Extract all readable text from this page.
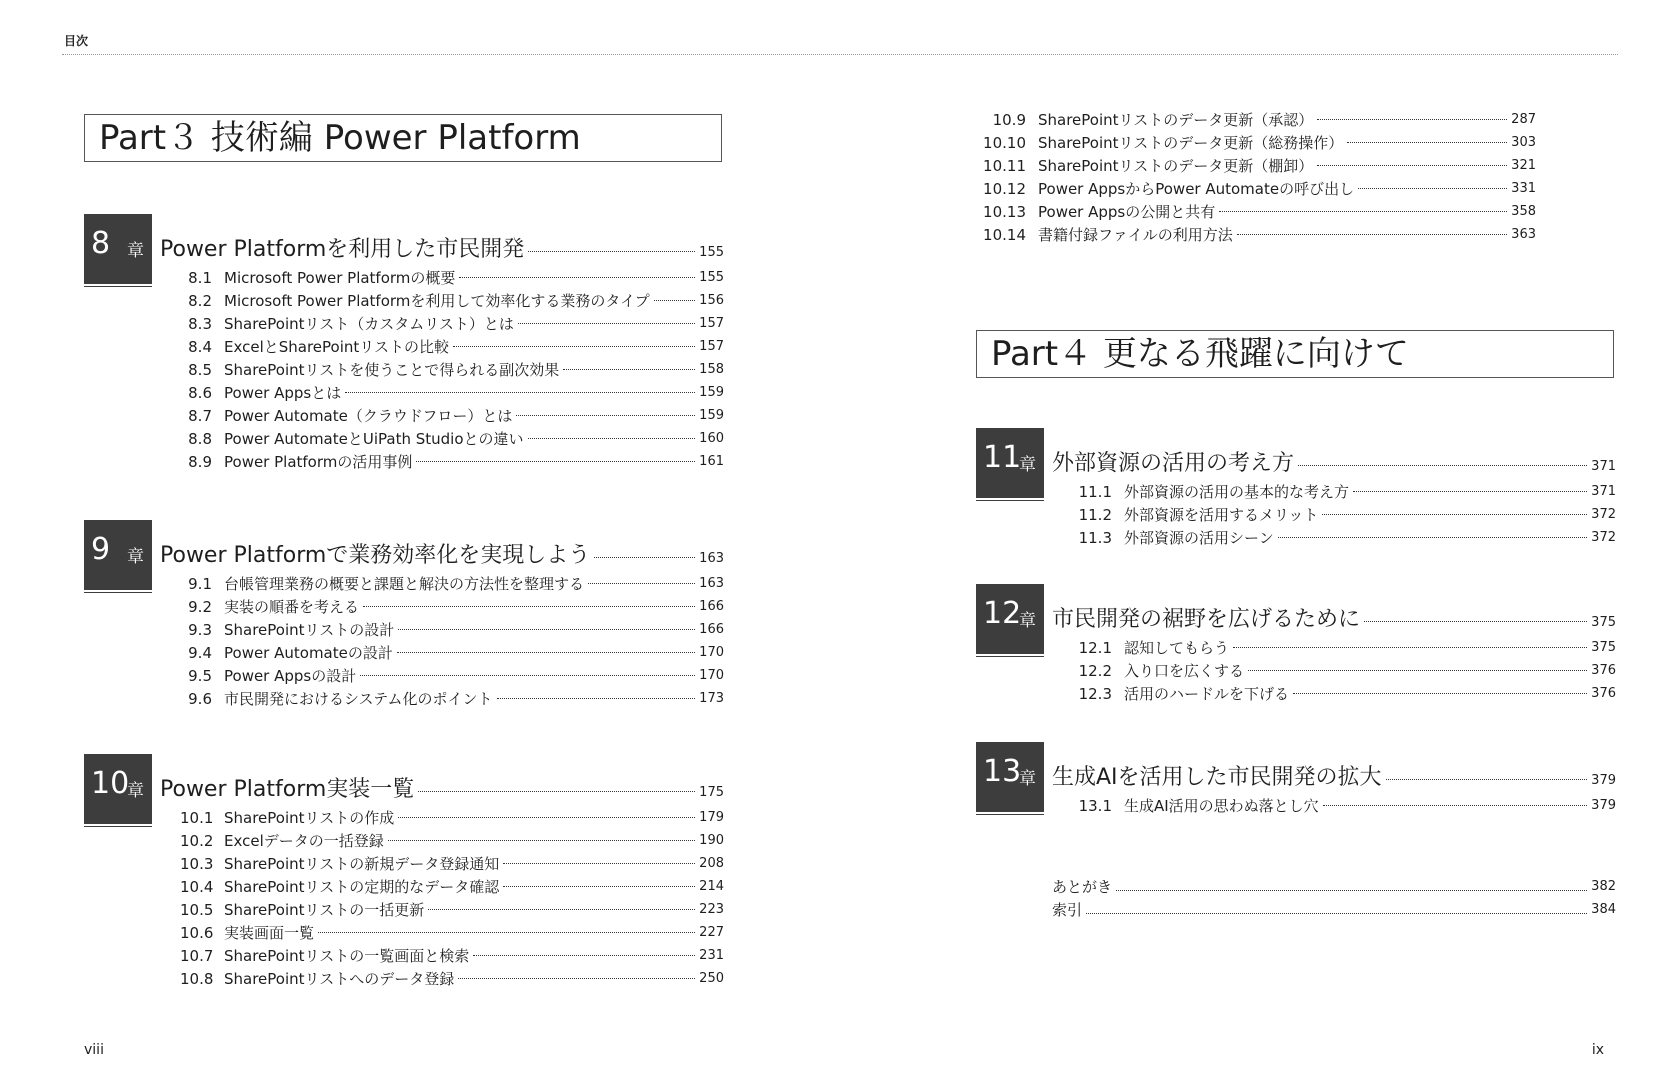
目次
Part３ 技術編 Power Platform
8 章 Power Platformを利用した市民開発	155
8.1 Microsoft Power Platformの概要	155
8.2 Microsoft Power Platformを利用して効率化する業務のタイプ	156
8.3 SharePointリスト（カスタムリスト）とは	157
8.4 ExcelとSharePointリストの比較	157
8.5 SharePointリストを使うことで得られる副次効果	158
8.6 Power Appsとは	159
8.7 Power Automate（クラウドフロー）とは	159
8.8 Power AutomateとUiPath Studioとの違い	160
8.9 Power Platformの活用事例	161
9 章 Power Platformで業務効率化を実現しよう	163
9.1 台帳管理業務の概要と課題と解決の方法性を整理する	163
9.2 実装の順番を考える	166
9.3 SharePointリストの設計	166
9.4 Power Automateの設計	170
9.5 Power Appsの設計	170
9.6 市民開発におけるシステム化のポイント	173
10
章 Power Platform実装一覧	175
10.1 SharePointリストの作成	179
10.2 Excelデータの一括登録	190
10.3 SharePointリストの新規データ登録通知	208
10.4 SharePointリストの定期的なデータ確認	214
10.5 SharePointリストの一括更新	223
10.6 実装画面一覧	227
10.7 SharePointリストの一覧画面と検索	231
10.8 SharePointリストへのデータ登録	250
10.9 SharePointリストのデータ更新（承認）	287
10.10 SharePointリストのデータ更新（総務操作）	303
10.11 SharePointリストのデータ更新（棚卸）	321
10.12 Power AppsからPower Automateの呼び出し	331
10.13 Power Appsの公開と共有	358
10.14 書籍付録ファイルの利用方法	363
Part４ 更なる飛躍に向けて
11
章 外部資源の活用の考え方	371
11.1 外部資源の活用の基本的な考え方	371
11.2 外部資源を活用するメリット	372
11.3 外部資源の活用シーン	372
12
章 市民開発の裾野を広げるために	375
12.1 認知してもらう	375
12.2 入り口を広くする	376
12.3 活用のハードルを下げる	376
13
章 生成AIを活用した市民開発の拡大	379
13.1 生成AI活用の思わぬ落とし穴	379
あとがき	382
索引	384
viii	ix
